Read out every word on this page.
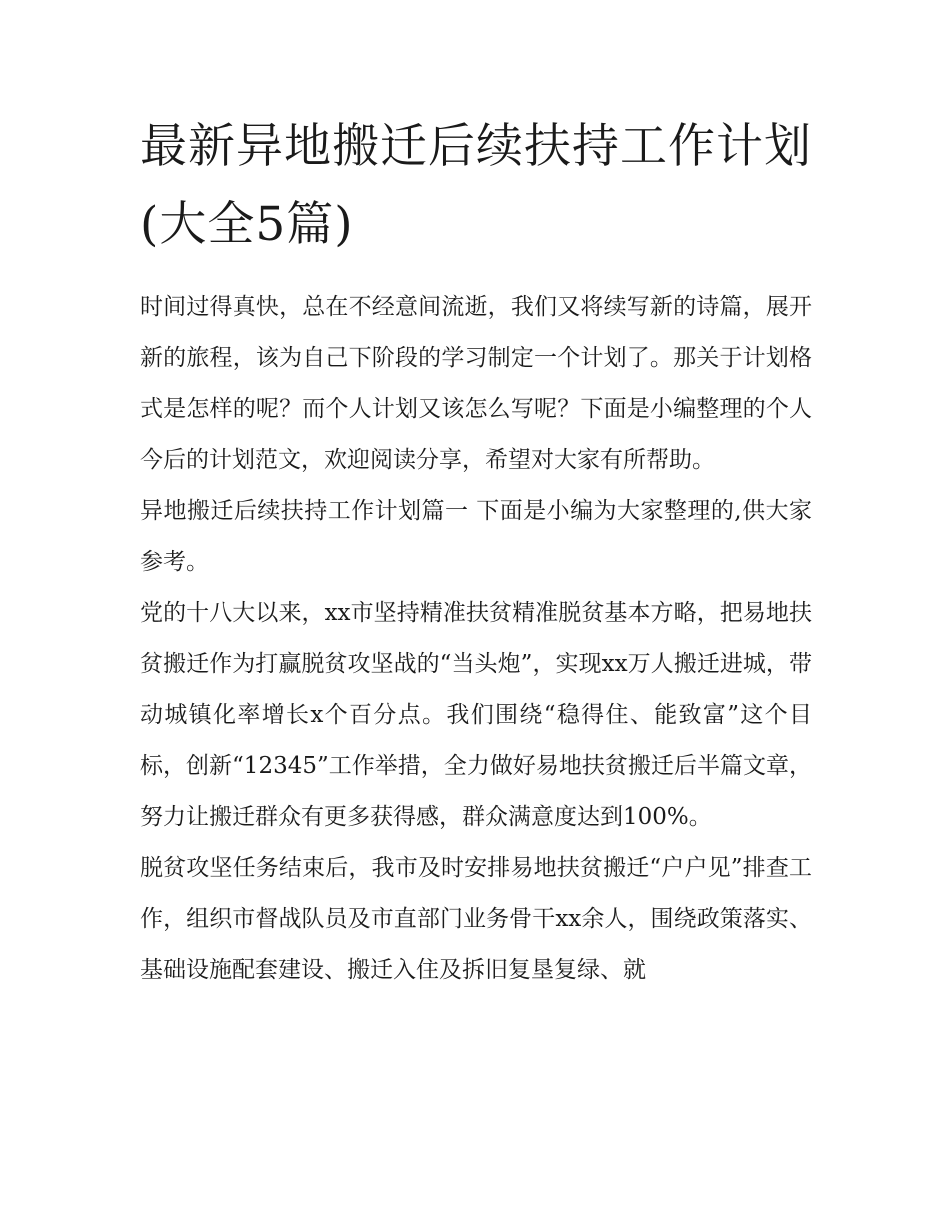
最新异地搬迁后续扶持工作计划(大全5篇)

时间过得真快，总在不经意间流逝，我们又将续写新的诗篇，展开新的旅程，该为自己下阶段的学习制定一个计划了。那关于计划格式是怎样的呢？而个人计划又该怎么写呢？下面是小编整理的个人今后的计划范文，欢迎阅读分享，希望对大家有所帮助。

异地搬迁后续扶持工作计划篇一 下面是小编为大家整理的,供大家参考。

党的十八大以来，xx市坚持精准扶贫精准脱贫基本方略，把易地扶贫搬迁作为打赢脱贫攻坚战的“当头炮”，实现xx万人搬迁进城，带动城镇化率增长x个百分点。我们围绕“稳得住、能致富”这个目标，创新“12345”工作举措，全力做好易地扶贫搬迁后半篇文章，努力让搬迁群众有更多获得感，群众满意度达到100%。

脱贫攻坚任务结束后，我市及时安排易地扶贫搬迁“户户见”排查工作，组织市督战队员及市直部门业务骨干xx余人，围绕政策落实、基础设施配套建设、搬迁入住及拆旧复垦复绿、就
